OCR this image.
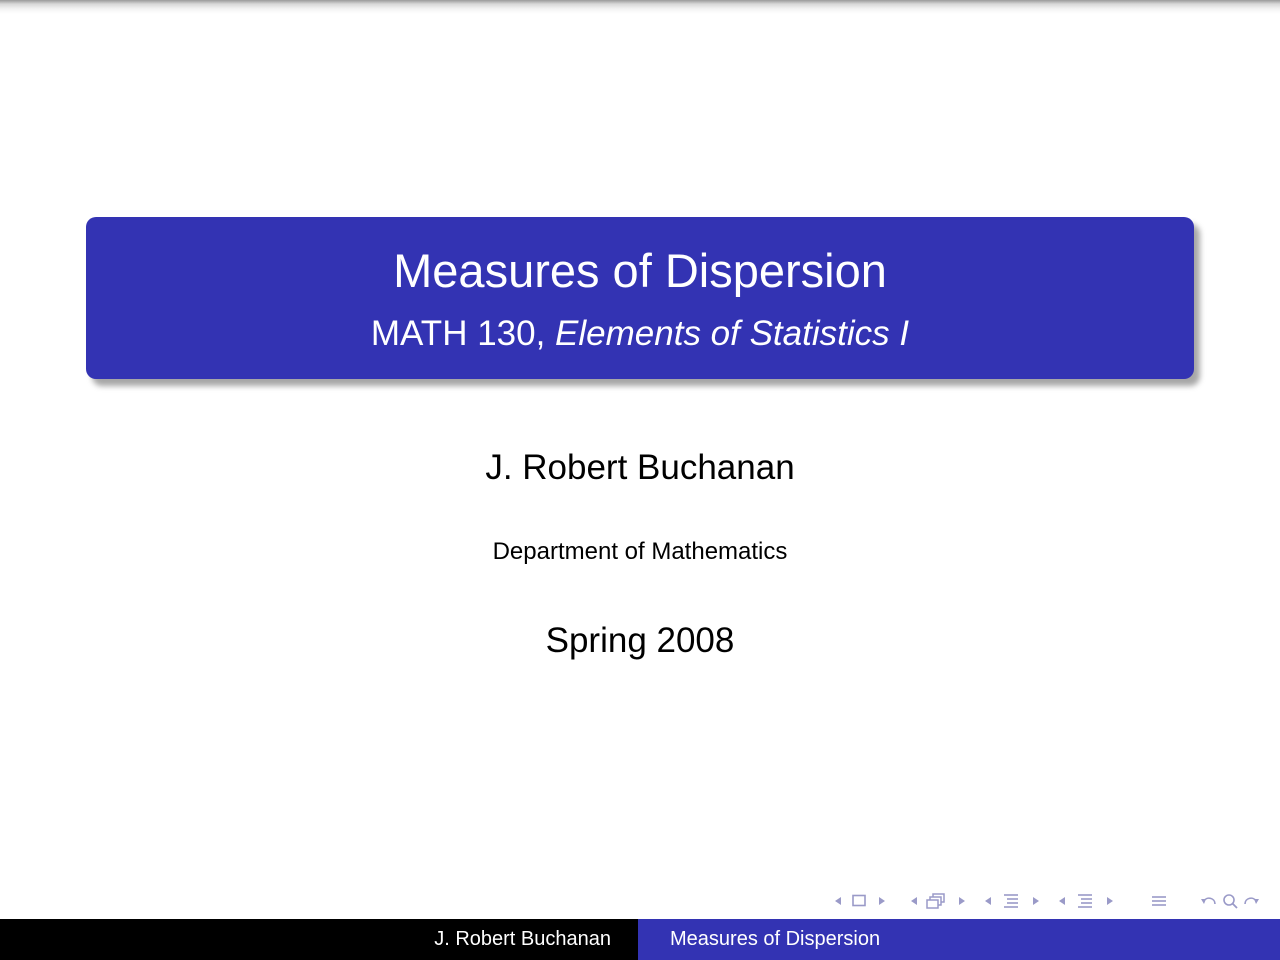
Measures of Dispersion
MATH 130, Elements of Statistics I
J. Robert Buchanan
Department of Mathematics
Spring 2008
J. Robert Buchanan	Measures of Dispersion
